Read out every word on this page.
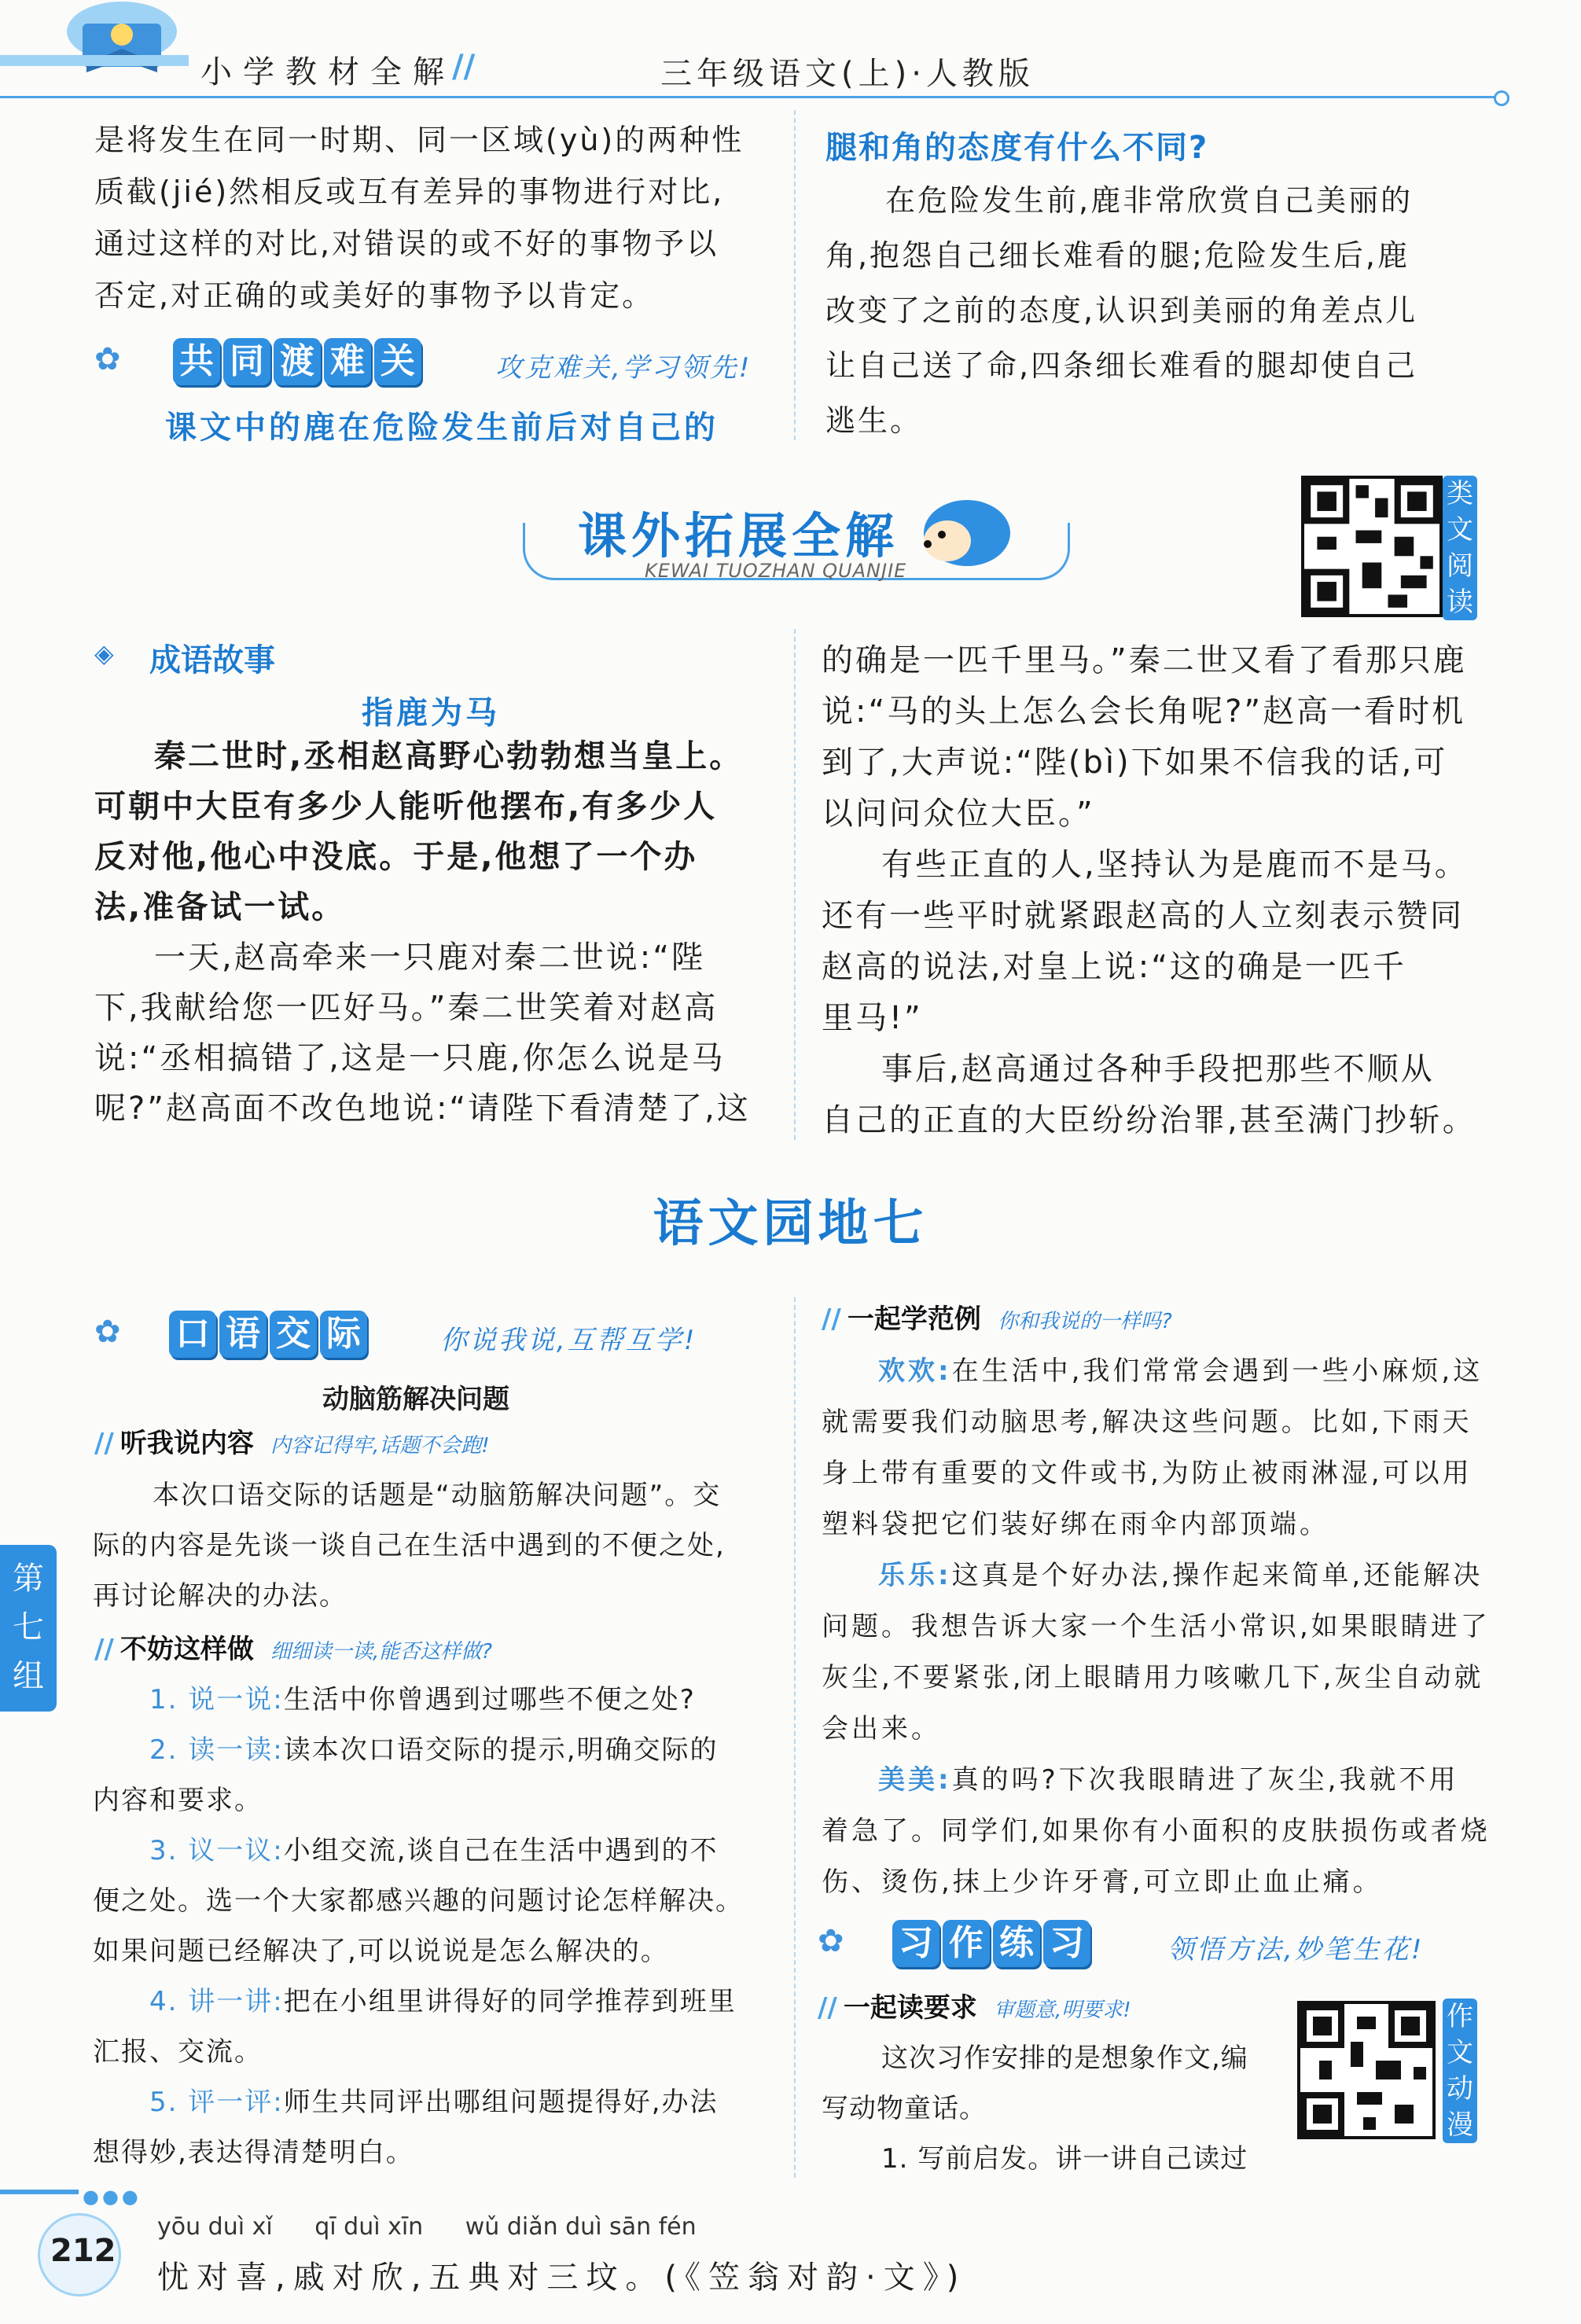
小学教材全解
//	三年级语文(上)·人教版

是将发生在同一时期、同一区域(yù)的两种性

质截(jié)然相反或互有差异的事物进行对比,

通过这样的对比,对错误的或不好的事物予以

否定,对正确的或美好的事物予以肯定。

✿ 共 同 渡 难 关	攻克难关,学习领先!
课文中的鹿在危险发生前后对自己的
腿和角的态度有什么不同?

在危险发生前,鹿非常欣赏自己美丽的

角,抱怨自己细长难看的腿;危险发生后,鹿

改变了之前的态度,认识到美丽的角差点儿

让自己送了命,四条细长难看的腿却使自己

逃生。

课外拓展全解
KEWAI TUOZHAN QUANJIE
类
文
阅
读
◈ 成语故事
指鹿为马

秦二世时,丞相赵高野心勃勃想当皇上。

可朝中大臣有多少人能听他摆布,有多少人

反对他,他心中没底。于是,他想了一个办

法,准备试一试。

一天,赵高牵来一只鹿对秦二世说:“陛

下,我献给您一匹好马。”秦二世笑着对赵高

说:“丞相搞错了,这是一只鹿,你怎么说是马

呢?”赵高面不改色地说:“请陛下看清楚了,这

的确是一匹千里马。”秦二世又看了看那只鹿

说:“马的头上怎么会长角呢?”赵高一看时机

到了,大声说:“陛(bì)下如果不信我的话,可

以问问众位大臣。”

有些正直的人,坚持认为是鹿而不是马。

还有一些平时就紧跟赵高的人立刻表示赞同

赵高的说法,对皇上说:“这的确是一匹千

里马!”

事后,赵高通过各种手段把那些不顺从

自己的正直的大臣纷纷治罪,甚至满门抄斩。

语文园地七
第
七
组
✿ 口 语 交 际	你说我说,互帮互学!
动脑筋解决问题
// 听我说内容 内容记得牢,话题不会跑!

本次口语交际的话题是“动脑筋解决问题”。交

际的内容是先谈一谈自己在生活中遇到的不便之处,

再讨论解决的办法。

// 不妨这样做 细细读一读,能否这样做?

1. 说一说:生活中你曾遇到过哪些不便之处?

2. 读一读:读本次口语交际的提示,明确交际的

内容和要求。

3. 议一议:小组交流,谈自己在生活中遇到的不

便之处。选一个大家都感兴趣的问题讨论怎样解决。

如果问题已经解决了,可以说说是怎么解决的。

4. 讲一讲:把在小组里讲得好的同学推荐到班里

汇报、交流。

5. 评一评:师生共同评出哪组问题提得好,办法

想得妙,表达得清楚明白。

// 一起学范例 你和我说的一样吗?

欢欢:在生活中,我们常常会遇到一些小麻烦,这

就需要我们动脑思考,解决这些问题。比如,下雨天

身上带有重要的文件或书,为防止被雨淋湿,可以用

塑料袋把它们装好绑在雨伞内部顶端。

乐乐:这真是个好办法,操作起来简单,还能解决

问题。我想告诉大家一个生活小常识,如果眼睛进了

灰尘,不要紧张,闭上眼睛用力咳嗽几下,灰尘自动就

会出来。

美美:真的吗?下次我眼睛进了灰尘,我就不用

着急了。同学们,如果你有小面积的皮肤损伤或者烧

伤、烫伤,抹上少许牙膏,可立即止血止痛。

✿ 习 作 练 习	领悟方法,妙笔生花!
// 一起读要求 审题意,明要求!

这次习作安排的是想象作文,编

写动物童话。

1. 写前启发。讲一讲自己读过

作
文
动
漫
●●●
212
yōu duì xǐ qī duì xīn wǔ diǎn duì sān fén
忧对喜,戚对欣,五典对三坟。(《笠翁对韵·文》)
